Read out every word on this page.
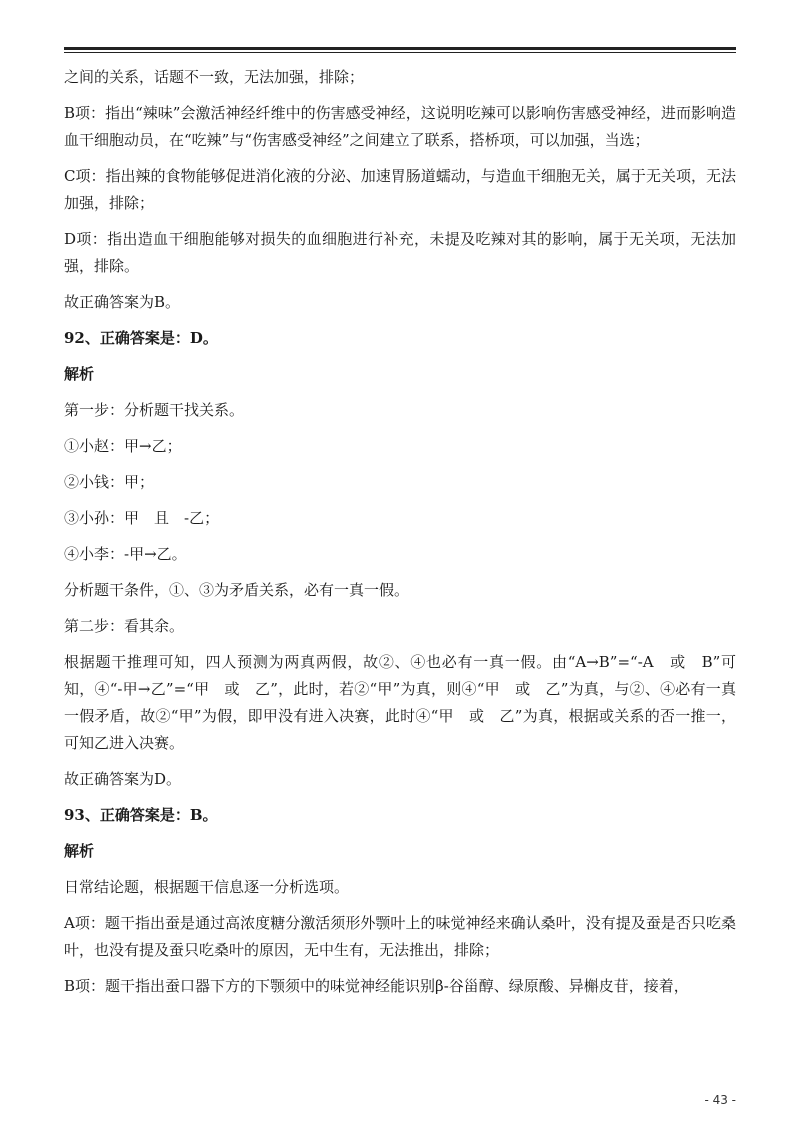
之间的关系，话题不一致，无法加强，排除；

B项：指出“辣味”会激活神经纤维中的伤害感受神经，这说明吃辣可以影响伤害感受神经，进而影响造血干细胞动员，在“吃辣”与“伤害感受神经”之间建立了联系，搭桥项，可以加强，当选；

C项：指出辣的食物能够促进消化液的分泌、加速胃肠道蠕动，与造血干细胞无关，属于无关项，无法加强，排除；

D项：指出造血干细胞能够对损失的血细胞进行补充，未提及吃辣对其的影响，属于无关项，无法加强，排除。

故正确答案为B。

92、正确答案是：D。

解析

第一步：分析题干找关系。

①小赵：甲→乙；

②小钱：甲；

③小孙：甲　且　-乙；

④小李：-甲→乙。

分析题干条件，①、③为矛盾关系，必有一真一假。

第二步：看其余。

根据题干推理可知，四人预测为两真两假，故②、④也必有一真一假。由“A→B”=“-A　或　B”可知，④“-甲→乙”=“甲　或　乙”，此时，若②“甲”为真，则④“甲　或　乙”为真，与②、④必有一真一假矛盾，故②“甲”为假，即甲没有进入决赛，此时④“甲　或　乙”为真，根据或关系的否一推一，可知乙进入决赛。

故正确答案为D。

93、正确答案是：B。

解析

日常结论题，根据题干信息逐一分析选项。

A项：题干指出蚕是通过高浓度糖分激活须形外颚叶上的味觉神经来确认桑叶，没有提及蚕是否只吃桑叶，也没有提及蚕只吃桑叶的原因，无中生有，无法推出，排除；

B项：题干指出蚕口器下方的下颚须中的味觉神经能识别β-谷甾醇、绿原酸、异槲皮苷，接着，

- 43 -
